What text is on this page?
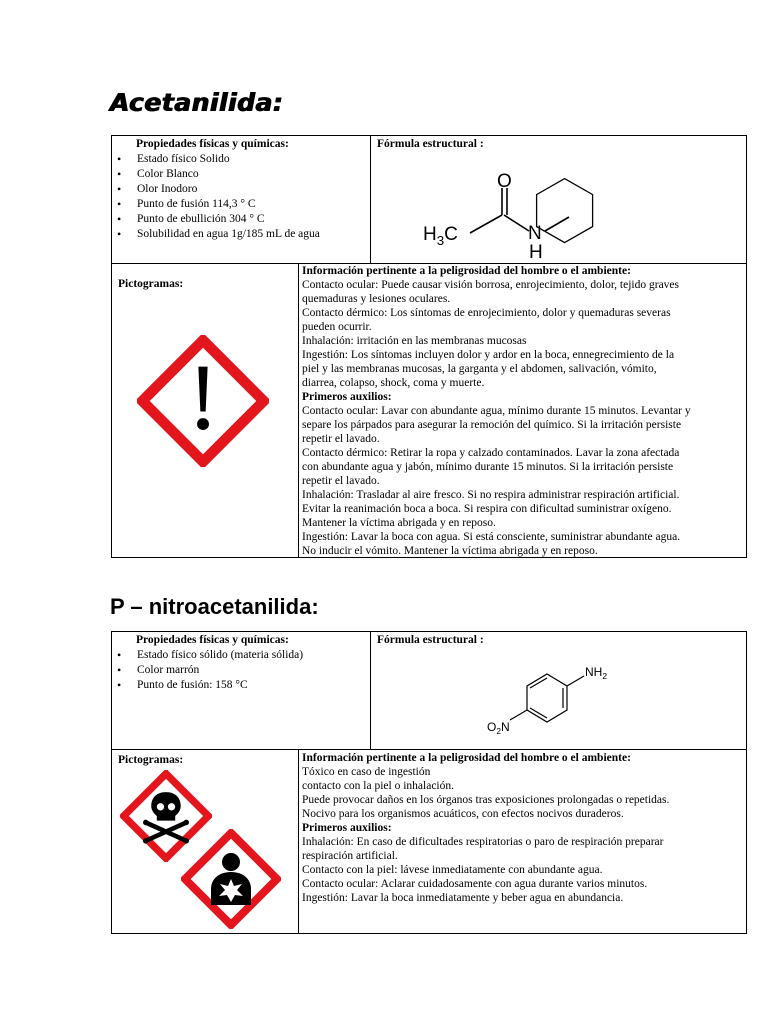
Acetanilida:
Propiedades físicas y químicas:
• Estado físico Solido
• Color Blanco
• Olor Inodoro
• Punto de fusión 114,3 ° C
• Punto de ebullición 304 ° C
• Solubilidad en agua 1g/185 mL de agua
Fórmula estructural :
O
N
H
$H_3C$
Pictogramas:
Información pertinente a la peligrosidad del hombre o el ambiente:
Contacto ocular: Puede causar visión borrosa, enrojecimiento, dolor, tejido graves
quemaduras y lesiones oculares.
Contacto dérmico: Los síntomas de enrojecimiento, dolor y quemaduras severas
pueden ocurrir.
Inhalación: irritación en las membranas mucosas
Ingestión: Los síntomas incluyen dolor y ardor en la boca, ennegrecimiento de la
piel y las membranas mucosas, la garganta y el abdomen, salivación, vómito,
diarrea, colapso, shock, coma y muerte.
Primeros auxilios:
Contacto ocular: Lavar con abundante agua, mínimo durante 15 minutos. Levantar y
separe los párpados para asegurar la remoción del químico. Si la irritación persiste
repetir el lavado.
Contacto dérmico: Retirar la ropa y calzado contaminados. Lavar la zona afectada
con abundante agua y jabón, mínimo durante 15 minutos. Si la irritación persiste
repetir el lavado.
Inhalación: Trasladar al aire fresco. Si no respira administrar respiración artificial.
Evitar la reanimación boca a boca. Si respira con dificultad suministrar oxígeno.
Mantener la víctima abrigada y en reposo.
Ingestión: Lavar la boca con agua. Si está consciente, suministrar abundante agua.
No inducir el vómito. Mantener la víctima abrigada y en reposo.
P – nitroacetanilida:
Propiedades físicas y químicas:
• Estado físico sólido (materia sólida)
• Color marrón
• Punto de fusión: 158 °C
Fórmula estructural :
$NH_2$
$O_2N$
Pictogramas:	Información pertinente a la peligrosidad del hombre o el ambiente:
Tóxico en caso de ingestión
contacto con la piel o inhalación.
Puede provocar daños en los órganos tras exposiciones prolongadas o repetidas.
Nocivo para los organismos acuáticos, con efectos nocivos duraderos.
Primeros auxilios:
Inhalación: En caso de dificultades respiratorias o paro de respiración preparar
respiración artificial.
Contacto con la piel: lávese inmediatamente con abundante agua.
Contacto ocular: Aclarar cuidadosamente con agua durante varios minutos.
Ingestión: Lavar la boca inmediatamente y beber agua en abundancia.
